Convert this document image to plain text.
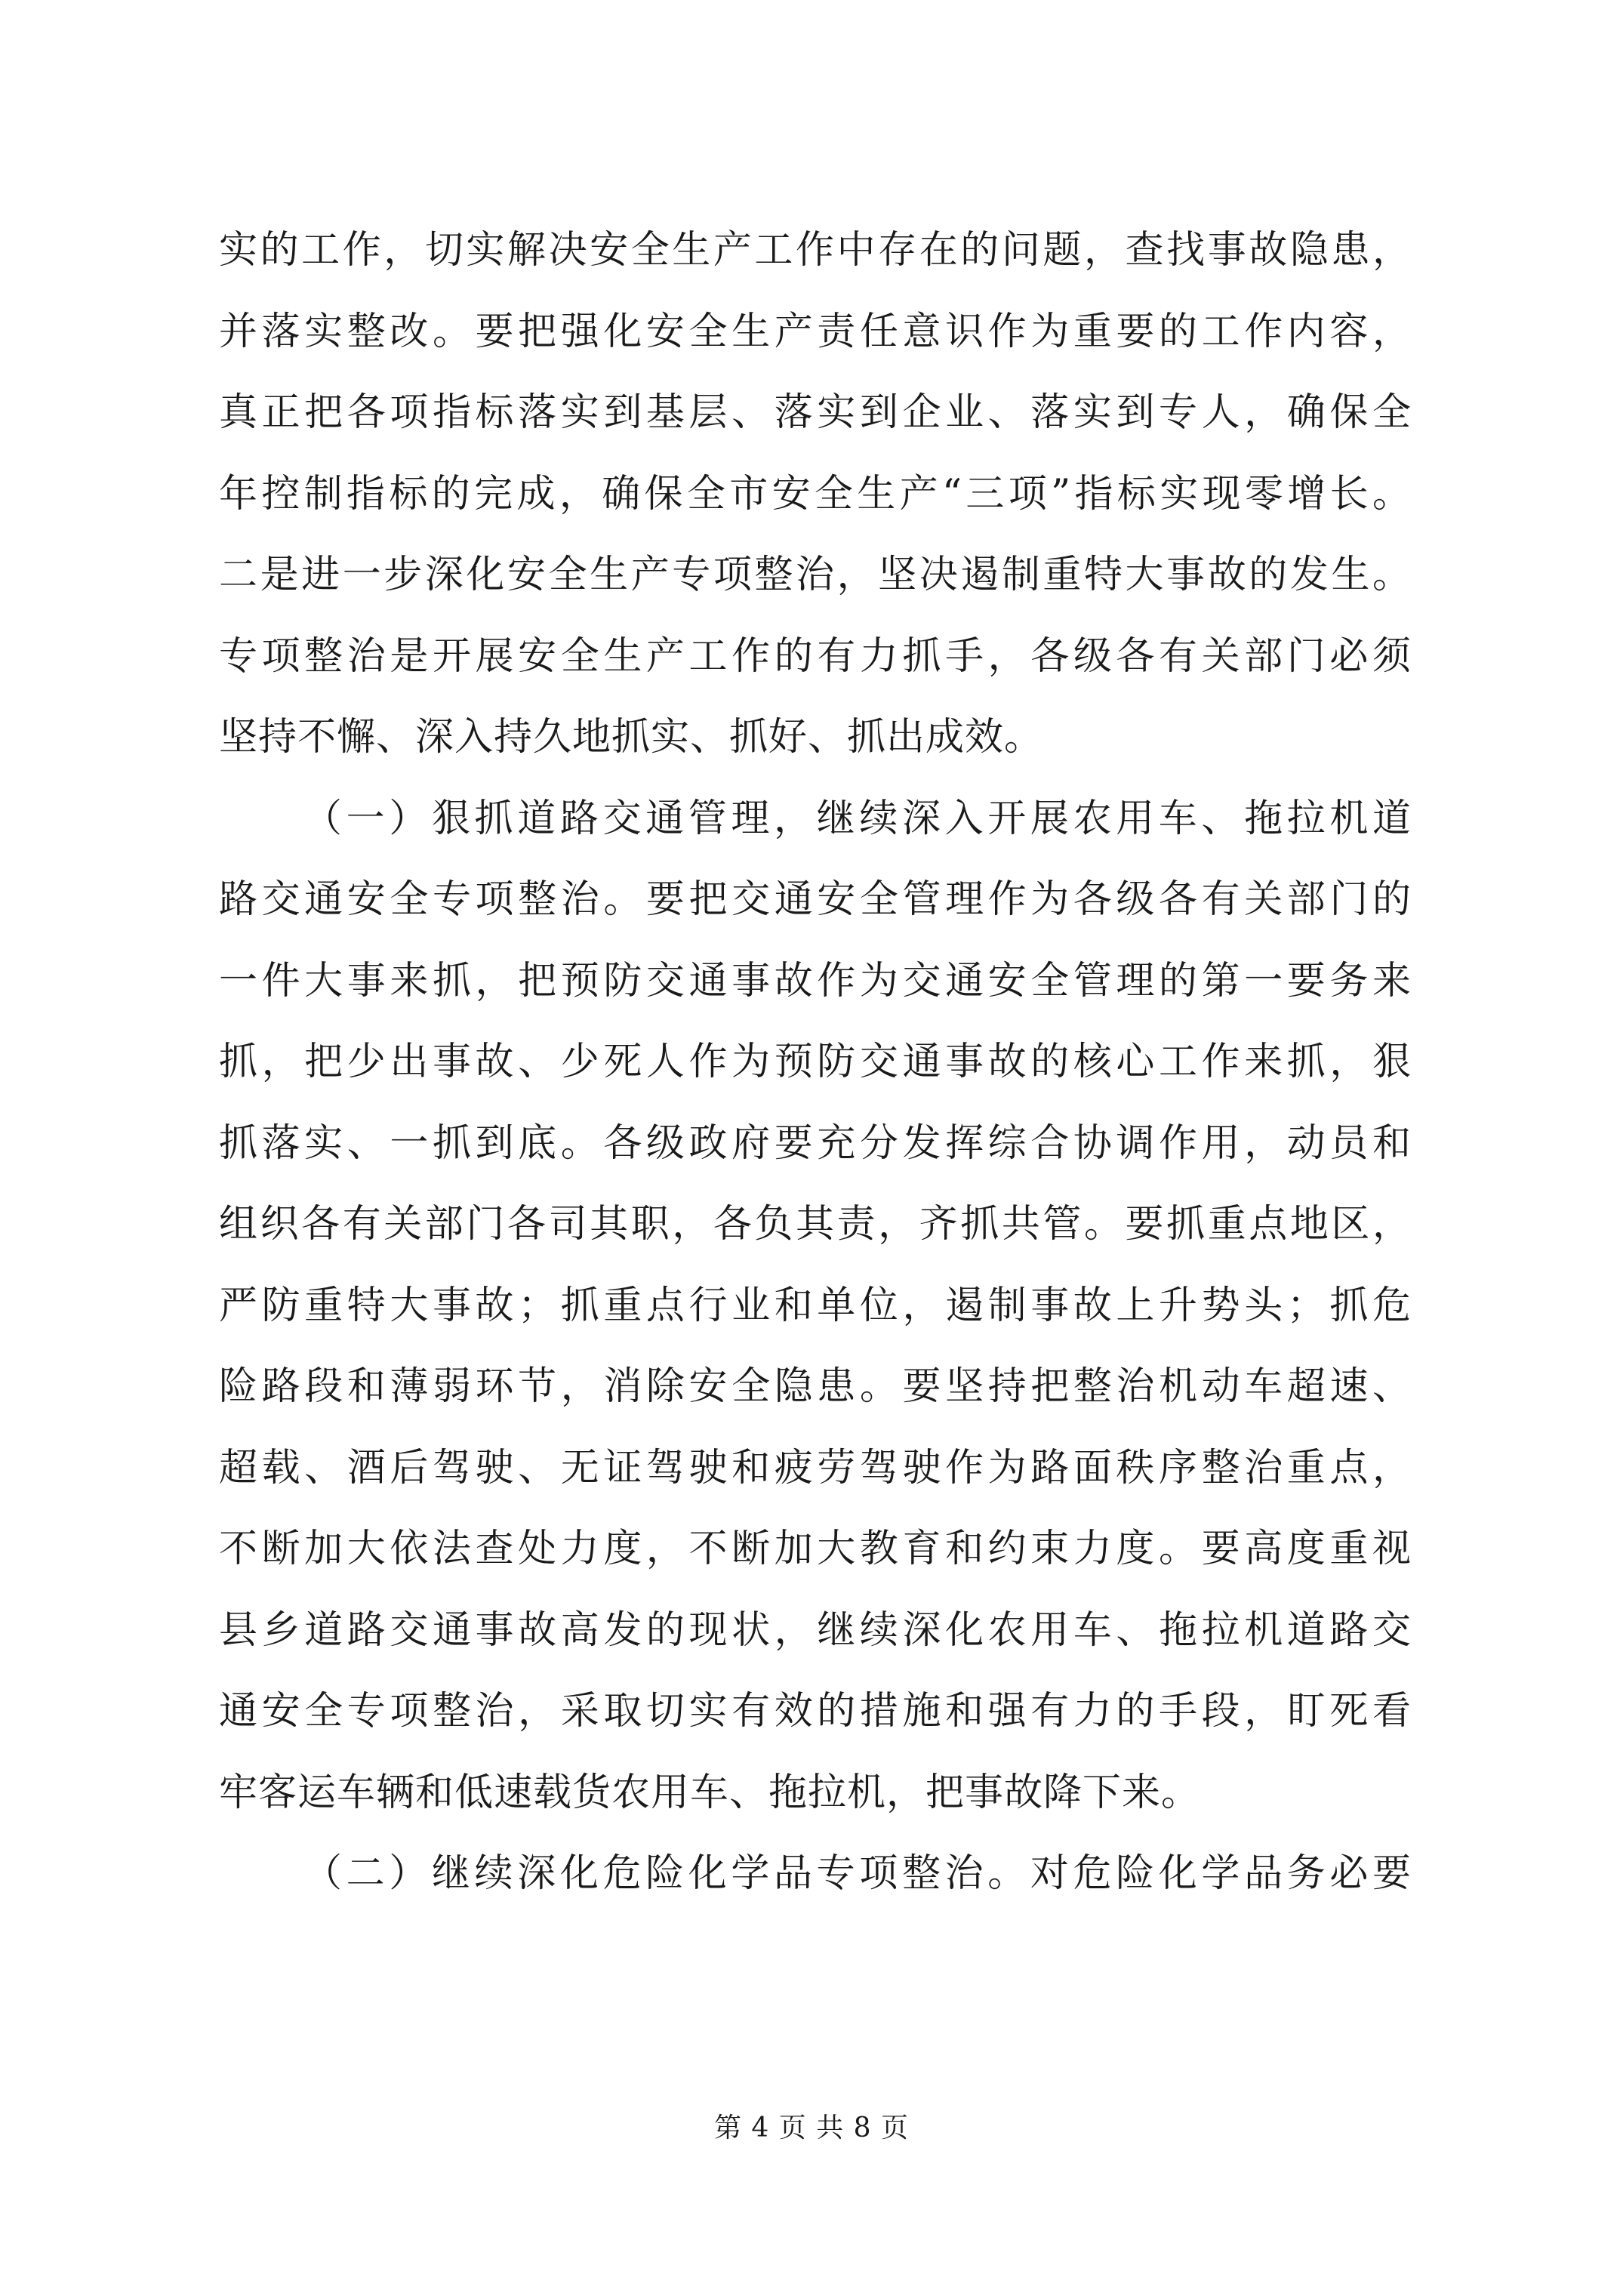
实的工作，切实解决安全生产工作中存在的问题，查找事故隐患，
并落实整改。要把强化安全生产责任意识作为重要的工作内容，
真正把各项指标落实到基层、落实到企业、落实到专人，确保全
年控制指标的完成，确保全市安全生产“三项”指标实现零增长。
二是进一步深化安全生产专项整治，坚决遏制重特大事故的发生。
专项整治是开展安全生产工作的有力抓手，各级各有关部门必须
坚持不懈、深入持久地抓实、抓好、抓出成效。
（一）狠抓道路交通管理，继续深入开展农用车、拖拉机道
路交通安全专项整治。要把交通安全管理作为各级各有关部门的
一件大事来抓，把预防交通事故作为交通安全管理的第一要务来
抓，把少出事故、少死人作为预防交通事故的核心工作来抓，狠
抓落实、一抓到底。各级政府要充分发挥综合协调作用，动员和
组织各有关部门各司其职，各负其责，齐抓共管。要抓重点地区，
严防重特大事故；抓重点行业和单位，遏制事故上升势头；抓危
险路段和薄弱环节，消除安全隐患。要坚持把整治机动车超速、
超载、酒后驾驶、无证驾驶和疲劳驾驶作为路面秩序整治重点，
不断加大依法查处力度，不断加大教育和约束力度。要高度重视
县乡道路交通事故高发的现状，继续深化农用车、拖拉机道路交
通安全专项整治，采取切实有效的措施和强有力的手段，盯死看
牢客运车辆和低速载货农用车、拖拉机，把事故降下来。
（二）继续深化危险化学品专项整治。对危险化学品务必要
第 4 页 共 8 页
